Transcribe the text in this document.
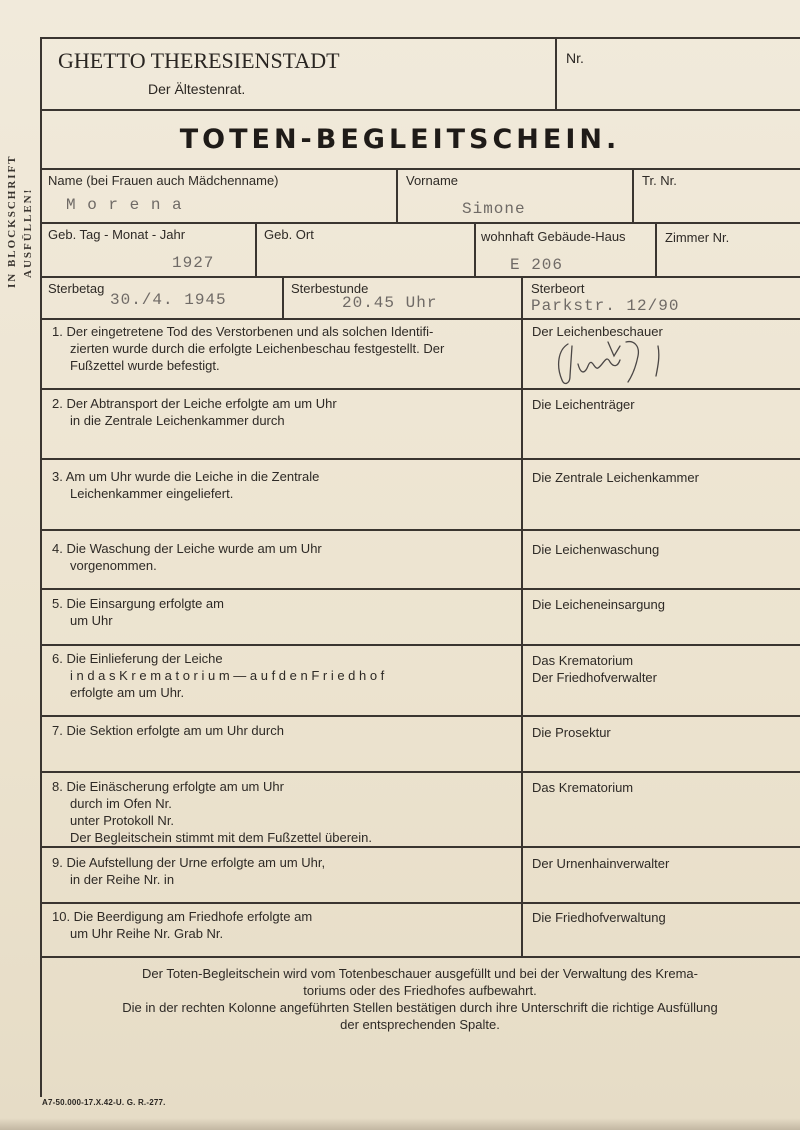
GHETTO THERESIENSTADT
Der Ältestenrat.
Nr.
IN BLOCKSCHRIFT AUSFÜLLEN!
TOTEN-BEGLEITSCHEIN.
Name (bei Frauen auch Mädchenname)
M o r e n a
Vorname
Simone
Tr. Nr.
Geb. Tag - Monat - Jahr
1927
Geb. Ort	wohnhaft Gebäude-Haus
E 206
Zimmer Nr.
Sterbetag
30./4. 1945
Sterbestunde
20.45 Uhr
Sterbeort
Parkstr. 12/90
1. Der eingetretene Tod des Verstorbenen und als solchen Identifi-
zierten wurde durch die erfolgte Leichenbeschau festgestellt. Der
Fußzettel wurde befestigt.
Der Leichenbeschauer
2. Der Abtransport der Leiche erfolgte am um Uhr
in die Zentrale Leichenkammer durch
Die Leichenträger
3. Am um Uhr wurde die Leiche in die Zentrale
Leichenkammer eingeliefert.
Die Zentrale Leichenkammer
4. Die Waschung der Leiche wurde am um Uhr
vorgenommen.
Die Leichenwaschung
5. Die Einsargung erfolgte am
um Uhr
Die Leicheneinsargung
6. Die Einlieferung der Leiche
i n d a s K r e m a t o r i u m — a u f d e n F r i e d h o f
erfolgte am um Uhr.
Das Krematorium
Der Friedhofverwalter
7. Die Sektion erfolgte am um Uhr durch	Die Prosektur
8. Die Einäscherung erfolgte am um Uhr
durch im Ofen Nr.
unter Protokoll Nr.
Der Begleitschein stimmt mit dem Fußzettel überein.
Das Krematorium
9. Die Aufstellung der Urne erfolgte am um Uhr,
in der Reihe Nr. in
Der Urnenhainverwalter
10. Die Beerdigung am Friedhofe erfolgte am
um Uhr Reihe Nr. Grab Nr.
Die Friedhofverwaltung
Der Toten-Begleitschein wird vom Totenbeschauer ausgefüllt und bei der Verwaltung des Krema-
toriums oder des Friedhofes aufbewahrt.
Die in der rechten Kolonne angeführten Stellen bestätigen durch ihre Unterschrift die richtige Ausfüllung
der entsprechenden Spalte.
A7-50.000-17.X.42-U. G. R.-277.
